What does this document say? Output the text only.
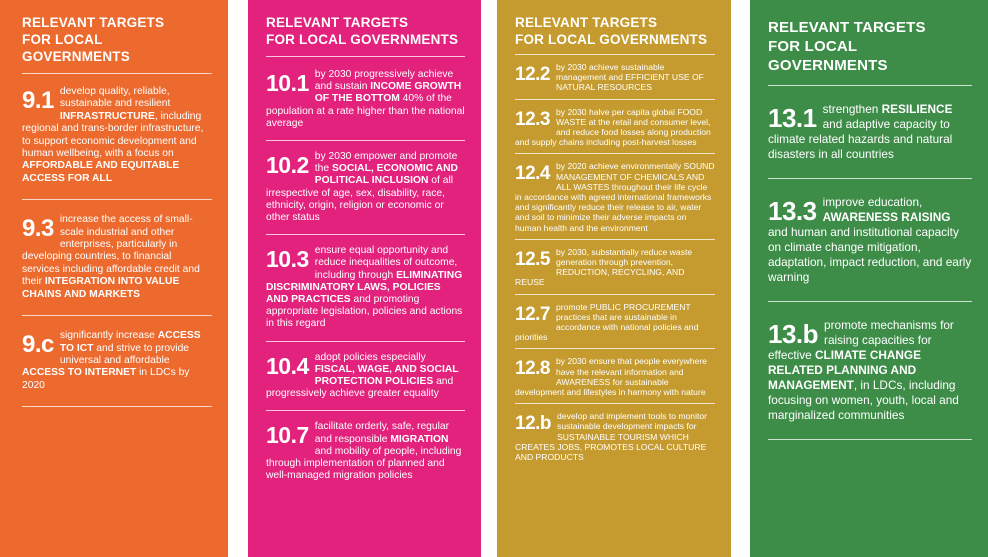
RELEVANT TARGETS
FOR LOCAL GOVERNMENTS
9.1 develop quality, reliable, sustainable and resilient INFRASTRUCTURE, including regional and trans-border infrastructure, to support economic development and human wellbeing, with a focus on AFFORDABLE AND EQUITABLE ACCESS FOR ALL

9.3 increase the access of small-scale industrial and other enterprises, particularly in developing countries, to financial services including affordable credit and their INTEGRATION INTO VALUE CHAINS AND MARKETS

9.c significantly increase ACCESS TO ICT and strive to provide universal and affordable ACCESS TO INTERNET in LDCs by 2020

RELEVANT TARGETS
FOR LOCAL GOVERNMENTS
10.1 by 2030 progressively achieve and sustain INCOME GROWTH OF THE BOTTOM 40% of the population at a rate higher than the national average

10.2 by 2030 empower and promote the SOCIAL, ECONOMIC AND POLITICAL INCLUSION of all irrespective of age, sex, disability, race, ethnicity, origin, religion or economic or other status

10.3 ensure equal opportunity and reduce inequalities of outcome, including through ELIMINATING DISCRIMINATORY LAWS, POLICIES AND PRACTICES and promoting appropriate legislation, policies and actions in this regard

10.4 adopt policies especially FISCAL, WAGE, AND SOCIAL PROTECTION POLICIES and progressively achieve greater equality

10.7 facilitate orderly, safe, regular and responsible MIGRATION and mobility of people, including through implementation of planned and well-managed migration policies

RELEVANT TARGETS
FOR LOCAL GOVERNMENTS
12.2 by 2030 achieve sustainable management and EFFICIENT USE OF NATURAL RESOURCES

12.3 by 2030 halve per capita global FOOD WASTE at the retail and consumer level, and reduce food losses along production and supply chains including post-harvest losses

12.4 by 2020 achieve environmentally SOUND MANAGEMENT OF CHEMICALS AND ALL WASTES throughout their life cycle in accordance with agreed international frameworks and significantly reduce their release to air, water and soil to minimize their adverse impacts on human health and the environment

12.5 by 2030, substantially reduce waste generation through prevention, REDUCTION, RECYCLING, AND REUSE

12.7 promote PUBLIC PROCUREMENT practices that are sustainable in accordance with national policies and priorities

12.8 by 2030 ensure that people everywhere have the relevant information and AWARENESS for sustainable development and lifestyles in harmony with nature

12.b develop and implement tools to monitor sustainable development impacts for SUSTAINABLE TOURISM WHICH CREATES JOBS, PROMOTES LOCAL CULTURE AND PRODUCTS

RELEVANT TARGETS
FOR LOCAL GOVERNMENTS
13.1 strengthen RESILIENCE and adaptive capacity to climate related hazards and natural disasters in all countries

13.3 improve education, AWARENESS RAISING and human and institutional capacity on climate change mitigation, adaptation, impact reduction, and early warning

13.b promote mechanisms for raising capacities for effective CLIMATE CHANGE RELATED PLANNING AND MANAGEMENT, in LDCs, including focusing on women, youth, local and marginalized communities
